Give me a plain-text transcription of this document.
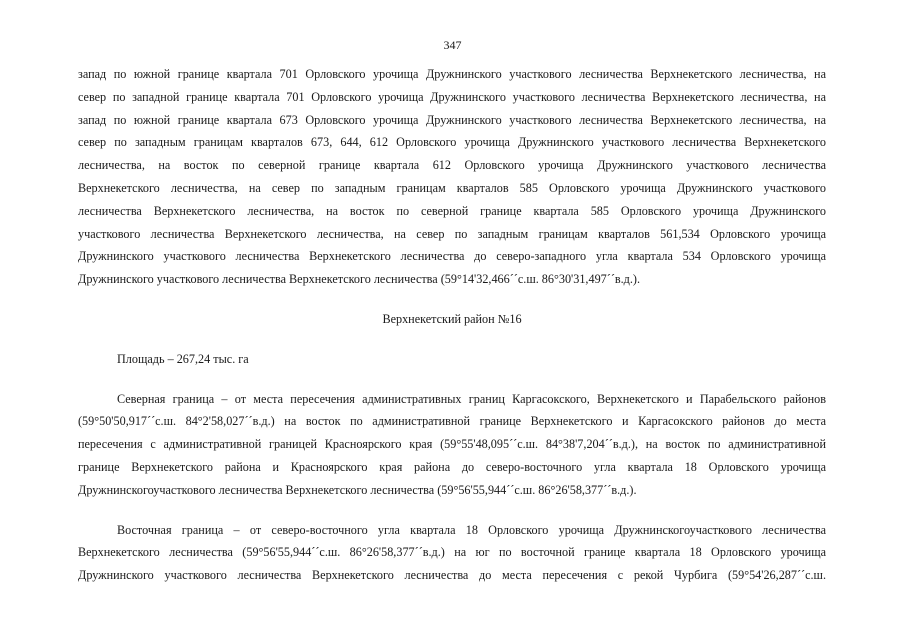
347
запад по южной границе квартала 701 Орловского урочища Дружнинского участкового лесничества Верхнекетского лесничества, на
север по западной границе квартала 701 Орловского урочища Дружнинского участкового лесничества Верхнекетского лесничества, на
запад по южной границе квартала 673 Орловского урочища Дружнинского участкового лесничества Верхнекетского лесничества, на
север по западным границам кварталов 673, 644, 612 Орловского урочища Дружнинского участкового лесничества Верхнекетского
лесничества, на восток по северной границе квартала 612 Орловского урочища Дружнинского участкового лесничества
Верхнекетского лесничества, на север по западным границам кварталов 585 Орловского урочища Дружнинского участкового
лесничества Верхнекетского лесничества, на восток по северной границе квартала 585 Орловского урочища Дружнинского
участкового лесничества Верхнекетского лесничества, на север по западным границам кварталов 561,534 Орловского урочища
Дружнинского участкового лесничества Верхнекетского лесничества до северо-западного угла квартала 534 Орловского урочища
Дружнинского участкового лесничества Верхнекетского лесничества (59°14'32,466´´с.ш. 86°30'31,497´´в.д.).
Верхнекетский район №16
Площадь – 267,24 тыс. га
Северная граница – от места пересечения административных границ Каргасокского, Верхнекетского и Парабельского районов
(59°50'50,917´´с.ш. 84°2'58,027´´в.д.) на восток по административной границе Верхнекетского и Каргасокского районов до места
пересечения с административной границей Красноярского края (59°55'48,095´´с.ш. 84°38'7,204´´в.д.), на восток по административной
границе Верхнекетского района и Красноярского края района до северо-восточного угла квартала 18 Орловского урочища
Дружнинскогоучасткового лесничества Верхнекетского лесничества (59°56'55,944´´с.ш. 86°26'58,377´´в.д.).
Восточная граница – от северо-восточного угла квартала 18 Орловского урочища Дружнинскогоучасткового лесничества
Верхнекетского лесничества (59°56'55,944´´с.ш. 86°26'58,377´´в.д.) на юг по восточной границе квартала 18 Орловского урочища
Дружнинского участкового лесничества Верхнекетского лесничества до места пересечения с рекой Чурбига (59°54'26,287´´с.ш.
